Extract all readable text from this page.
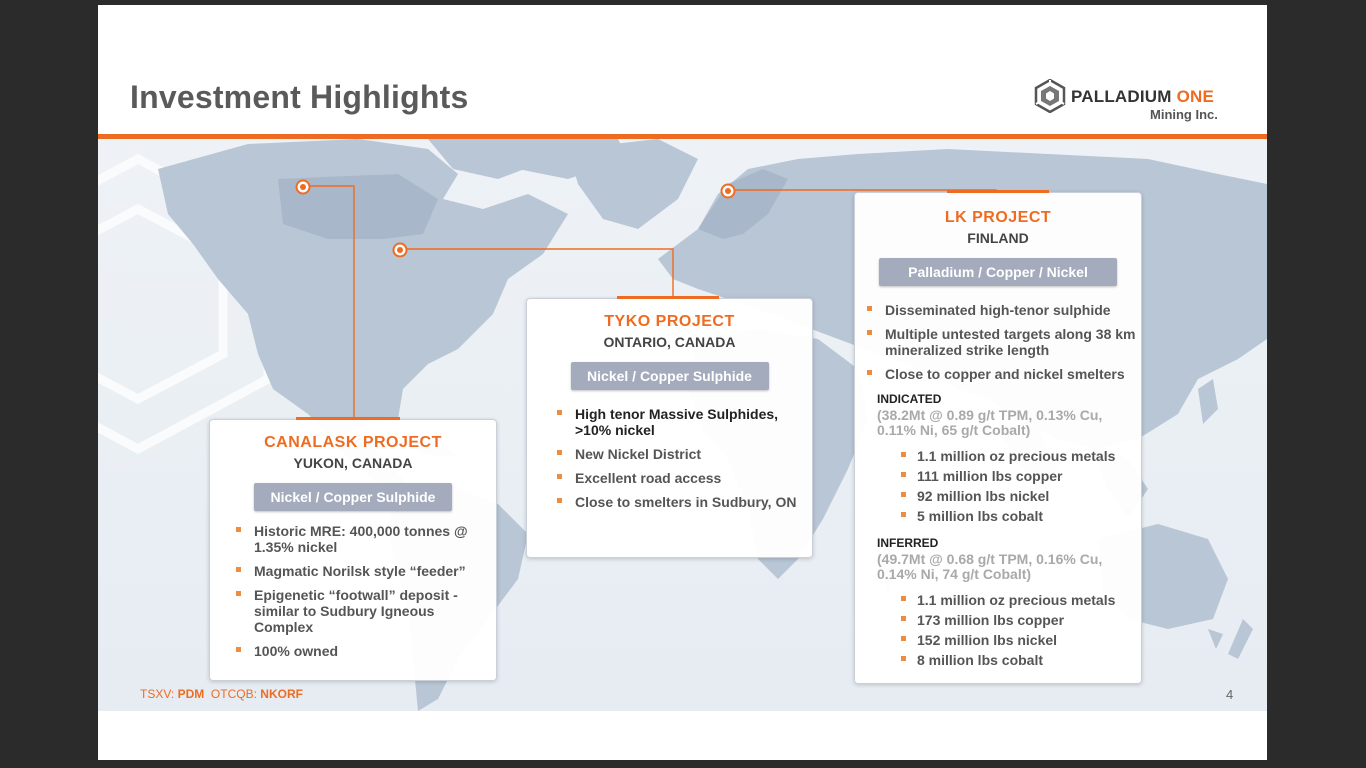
Investment Highlights	PALLADIUM ONE
Mining Inc.
CANALASK PROJECT
YUKON, CANADA
Nickel / Copper Sulphide
Historic MRE: 400,000 tonnes @ 1.35% nickel
Magmatic Norilsk style “feeder”
Epigenetic “footwall” deposit - similar to Sudbury Igneous Complex
100% owned
TYKO PROJECT
ONTARIO, CANADA
Nickel / Copper Sulphide
High tenor Massive Sulphides, >10% nickel
New Nickel District
Excellent road access
Close to smelters in Sudbury, ON
LK PROJECT
FINLAND
Palladium / Copper / Nickel
Disseminated high-tenor sulphide
Multiple untested targets along 38 km mineralized strike length
Close to copper and nickel smelters
INDICATED
(38.2Mt @ 0.89 g/t TPM, 0.13% Cu, 0.11% Ni, 65 g/t Cobalt)
1.1 million oz precious metals
111 million lbs copper
92 million lbs nickel
5 million lbs cobalt
INFERRED
(49.7Mt @ 0.68 g/t TPM, 0.16% Cu, 0.14% Ni, 74 g/t Cobalt)
1.1 million oz precious metals
173 million lbs copper
152 million lbs nickel
8 million lbs cobalt
TSXV: PDM OTCQB: NKORF	4
